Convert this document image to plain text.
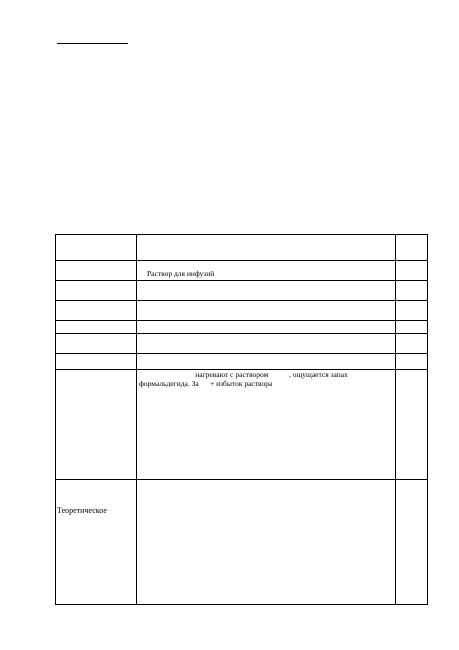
	Раствор для инфузий	

	нагревают с раствором           , ощущается запах
формальдегида. За      + избыток раствора	

Теоретическое		
